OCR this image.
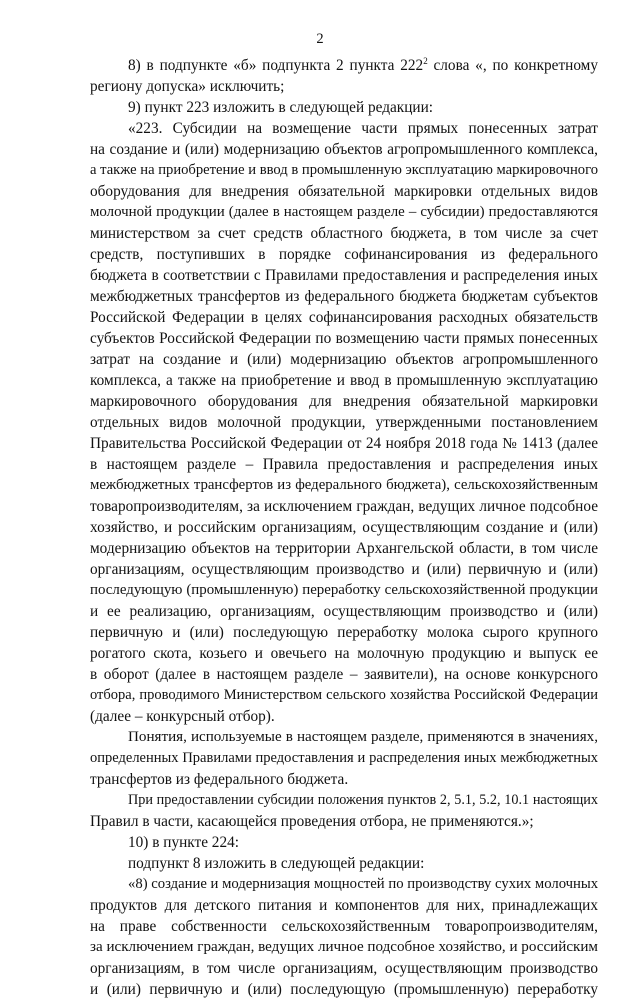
2
8) в подпункте «б» подпункта 2 пункта $222^2$ слова «, по конкретному
региону допуска» исключить;
9) пункт 223 изложить в следующей редакции:
«223. Субсидии на возмещение части прямых понесенных затрат
на создание и (или) модернизацию объектов агропромышленного комплекса,
а также на приобретение и ввод в промышленную эксплуатацию маркировочного
оборудования для внедрения обязательной маркировки отдельных видов
молочной продукции (далее в настоящем разделе – субсидии) предоставляются
министерством за счет средств областного бюджета, в том числе за счет
средств, поступивших в порядке софинансирования из федерального
бюджета в соответствии с Правилами предоставления и распределения иных
межбюджетных трансфертов из федерального бюджета бюджетам субъектов
Российской Федерации в целях софинансирования расходных обязательств
субъектов Российской Федерации по возмещению части прямых понесенных
затрат на создание и (или) модернизацию объектов агропромышленного
комплекса, а также на приобретение и ввод в промышленную эксплуатацию
маркировочного оборудования для внедрения обязательной маркировки
отдельных видов молочной продукции, утвержденными постановлением
Правительства Российской Федерации от 24 ноября 2018 года № 1413 (далее
в настоящем разделе – Правила предоставления и распределения иных
межбюджетных трансфертов из федерального бюджета), сельскохозяйственным
товаропроизводителям, за исключением граждан, ведущих личное подсобное
хозяйство, и российским организациям, осуществляющим создание и (или)
модернизацию объектов на территории Архангельской области, в том числе
организациям, осуществляющим производство и (или) первичную и (или)
последующую (промышленную) переработку сельскохозяйственной продукции
и ее реализацию, организациям, осуществляющим производство и (или)
первичную и (или) последующую переработку молока сырого крупного
рогатого скота, козьего и овечьего на молочную продукцию и выпуск ее
в оборот (далее в настоящем разделе – заявители), на основе конкурсного
отбора, проводимого Министерством сельского хозяйства Российской Федерации
(далее – конкурсный отбор).
Понятия, используемые в настоящем разделе, применяются в значениях,
определенных Правилами предоставления и распределения иных межбюджетных
трансфертов из федерального бюджета.
При предоставлении субсидии положения пунктов 2, 5.1, 5.2, 10.1 настоящих
Правил в части, касающейся проведения отбора, не применяются.»;
10) в пункте 224:
подпункт 8 изложить в следующей редакции:
«8) создание и модернизация мощностей по производству сухих молочных
продуктов для детского питания и компонентов для них, принадлежащих
на праве собственности сельскохозяйственным товаропроизводителям,
за исключением граждан, ведущих личное подсобное хозяйство, и российским
организациям, в том числе организациям, осуществляющим производство
и (или) первичную и (или) последующую (промышленную) переработку
